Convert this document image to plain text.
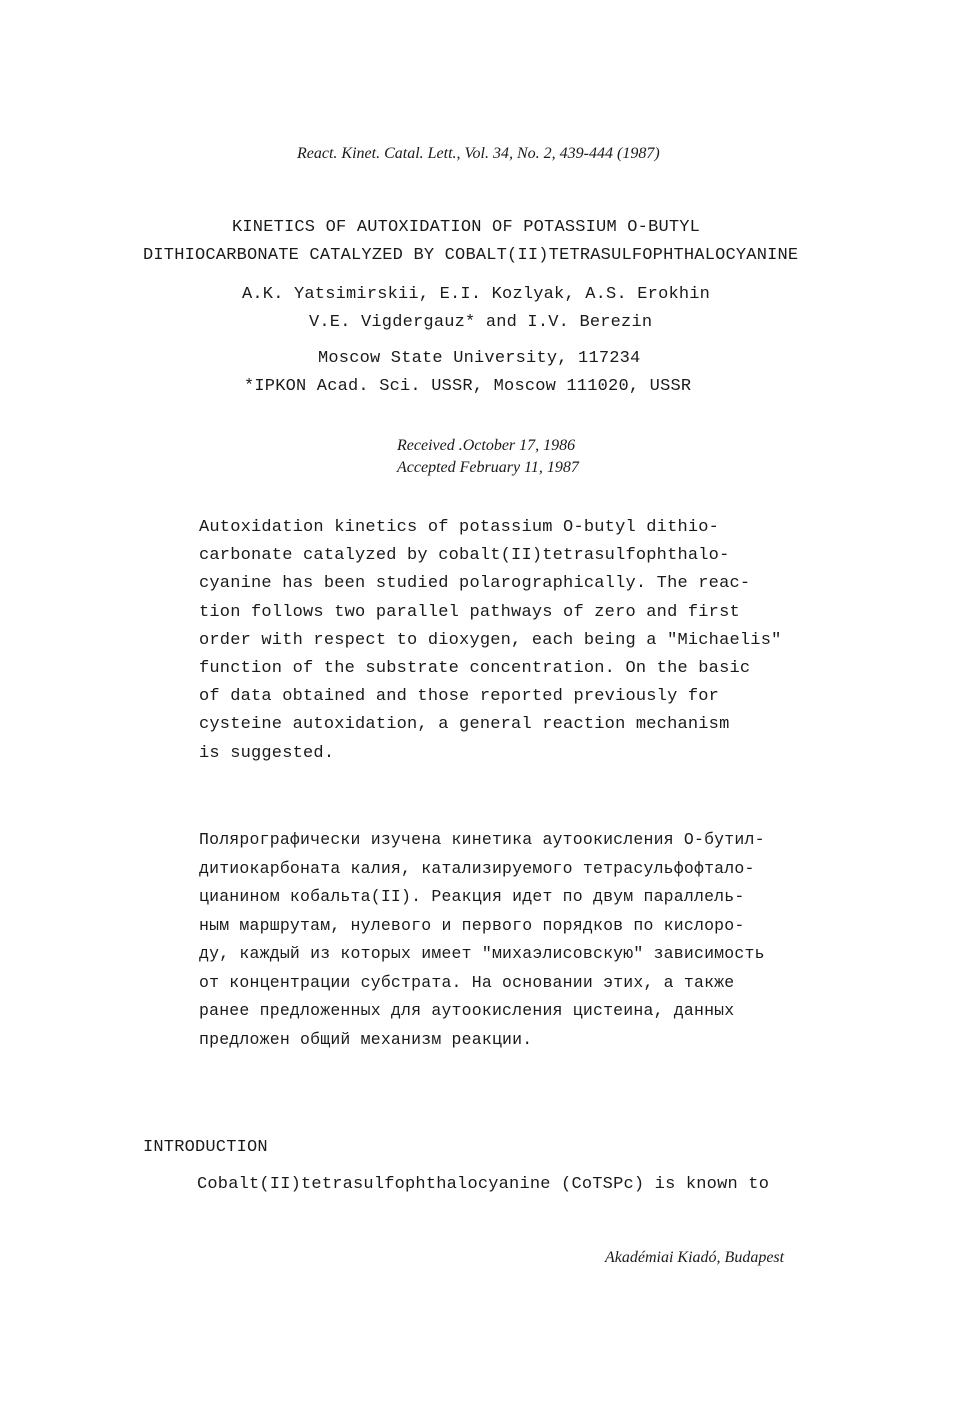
React. Kinet. Catal. Lett., Vol. 34, No. 2, 439-444 (1987)
KINETICS OF AUTOXIDATION OF POTASSIUM O-BUTYL
DITHIOCARBONATE CATALYZED BY COBALT(II)TETRASULFOPHTHALOCYANINE
A.K. Yatsimirskii, E.I. Kozlyak, A.S. Erokhin
V.E. Vigdergauz* and I.V. Berezin
Moscow State University, 117234
*IPKON Acad. Sci. USSR, Moscow 111020, USSR
Received .October 17, 1986
Accepted February 11, 1987
Autoxidation kinetics of potassium O-butyl dithio-
carbonate catalyzed by cobalt(II)tetrasulfophthalo-
cyanine has been studied polarographically. The reac-
tion follows two parallel pathways of zero and first
order with respect to dioxygen, each being a "Michaelis"
function of the substrate concentration. On the basic
of data obtained and those reported previously for
cysteine autoxidation, a general reaction mechanism
is suggested.
Полярографически изучена кинетика аутоокисления О-бутил-
дитиокарбоната калия, катализируемого тетрасульфофтало-
цианином кобальта(II). Реакция идет по двум параллель-
ным маршрутам, нулевого и первого порядков по кислоро-
ду, каждый из которых имеет "михаэлисовскую" зависимость
от концентрации субстрата. На основании этих, а также
ранее предложенных для аутоокисления цистеина, данных
предложен общий механизм реакции.
INTRODUCTION
Cobalt(II)tetrasulfophthalocyanine (CoTSPc) is known to
Akadémiai Kiadó, Budapest
